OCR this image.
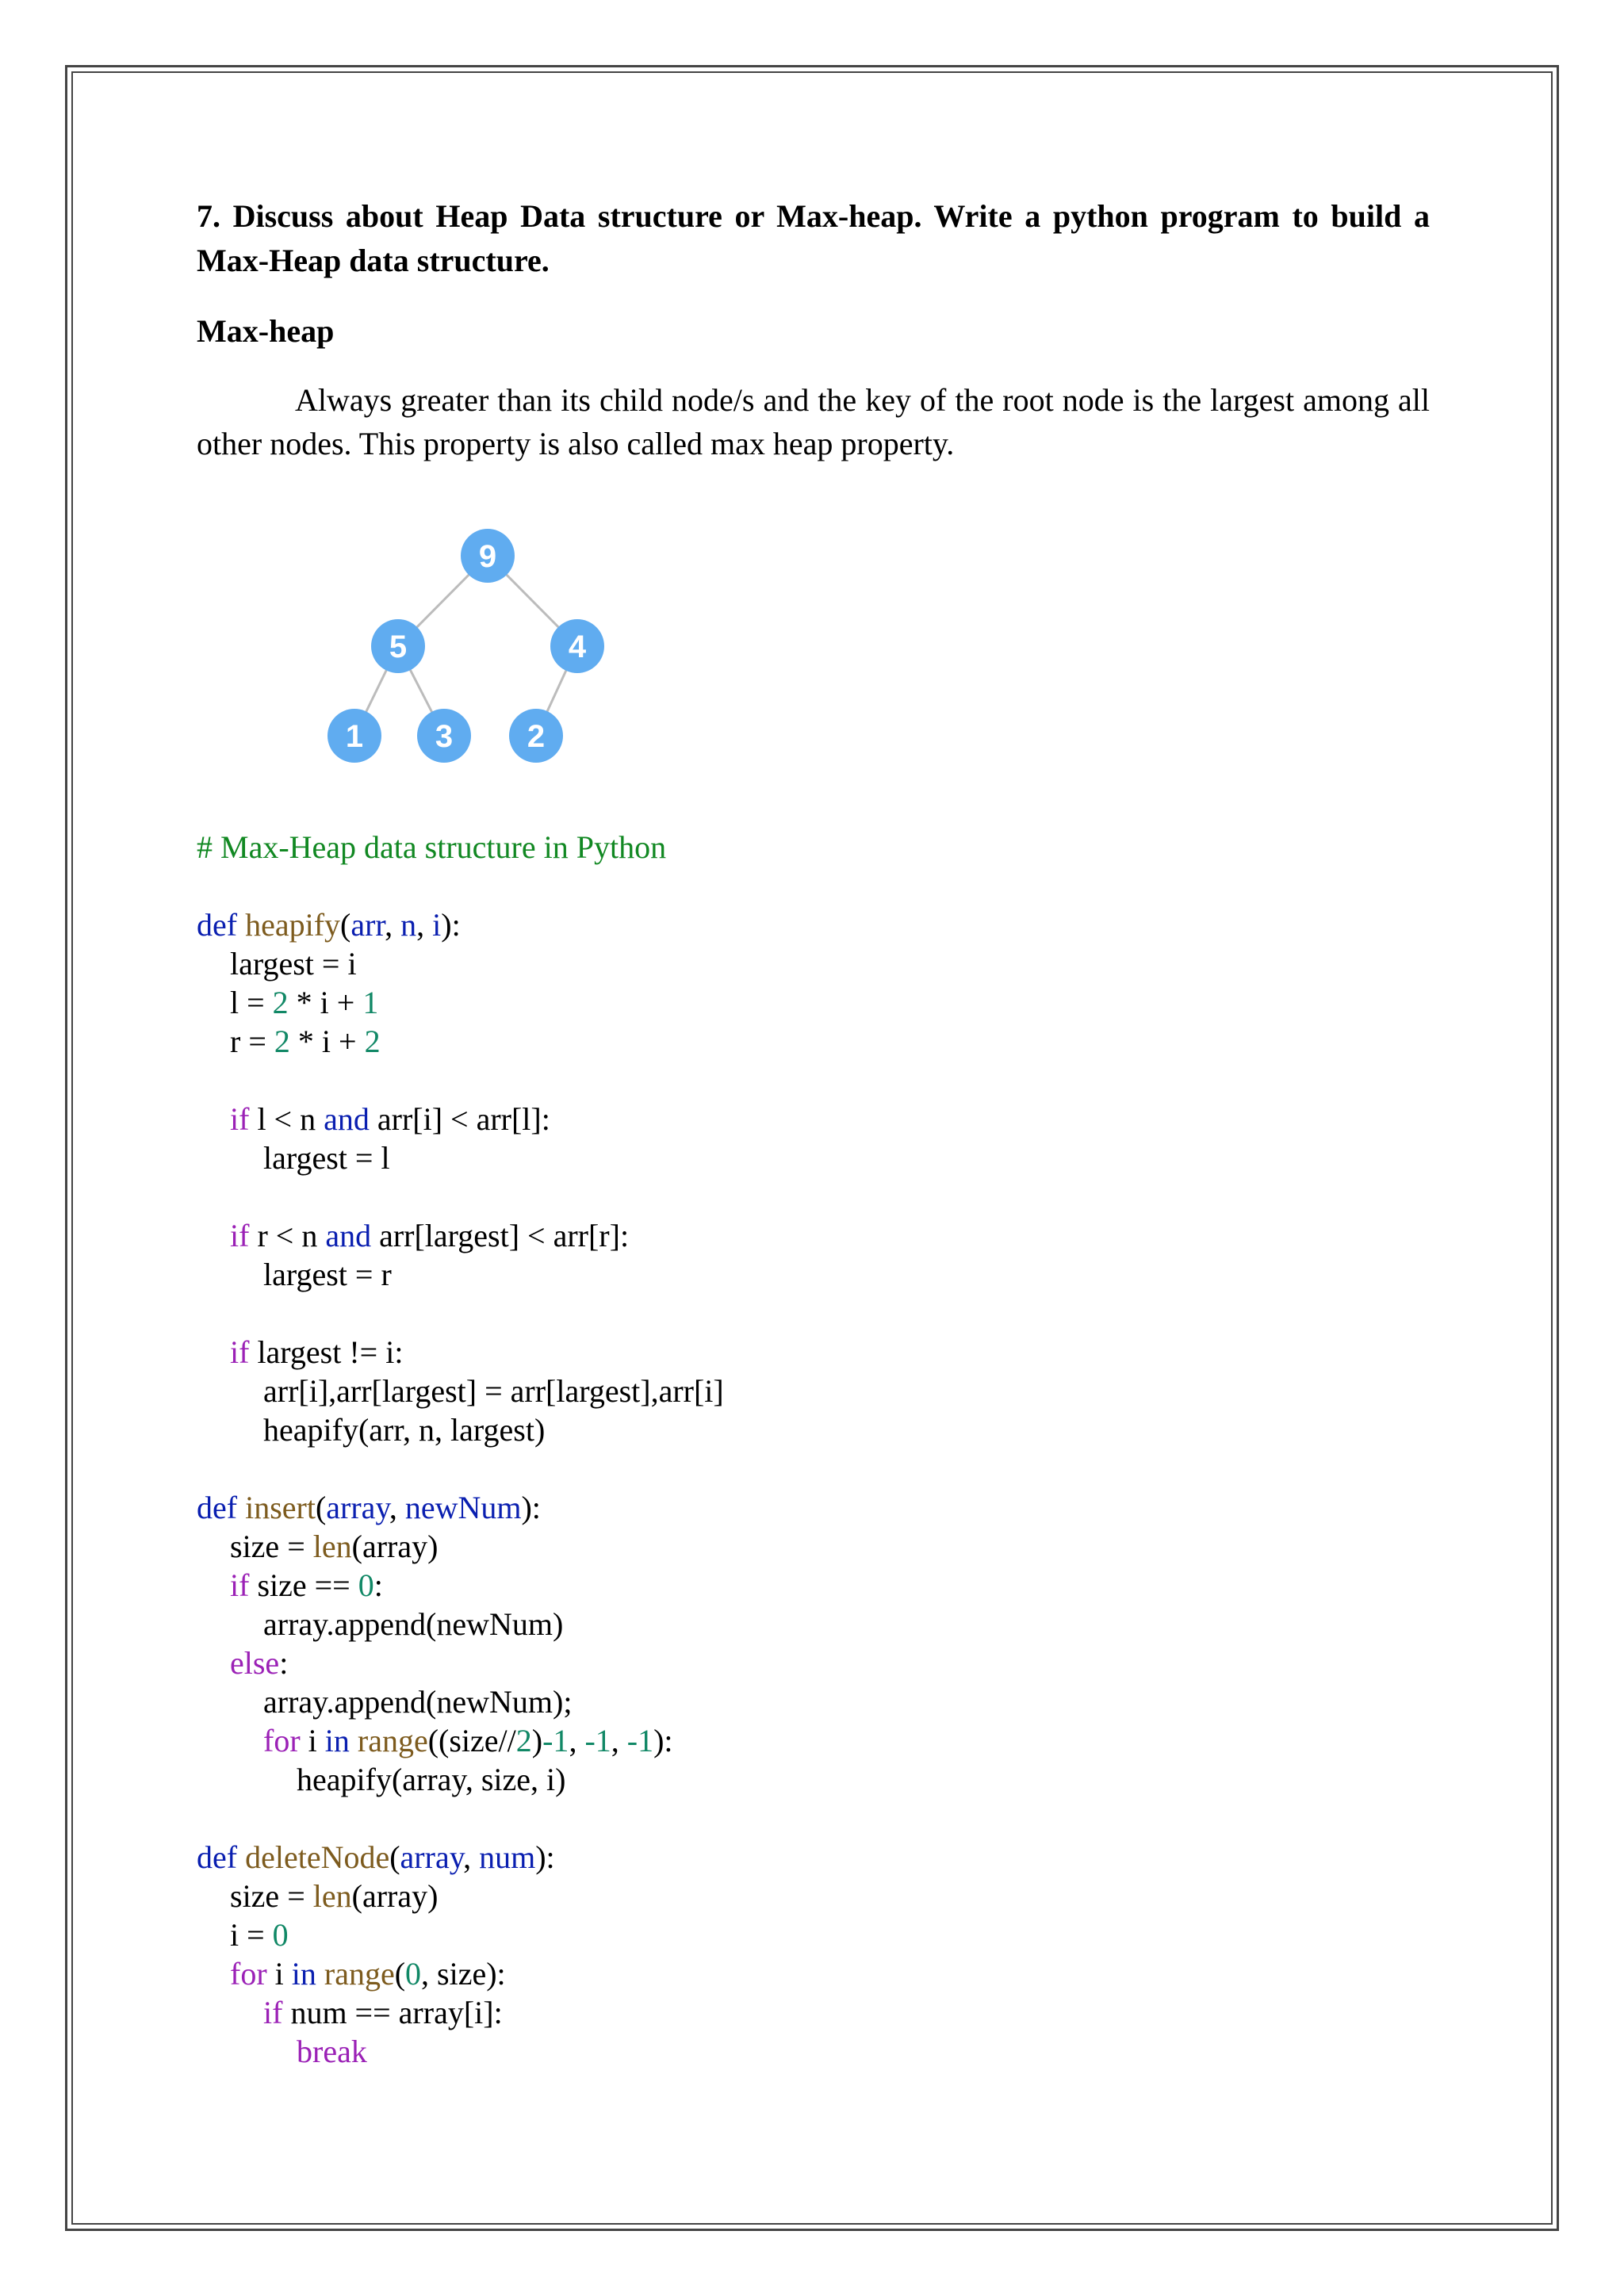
7. Discuss about Heap Data structure or Max-heap. Write a python program to build a Max-Heap data structure.
Max-heap
Always greater than its child node/s and the key of the root node is the largest among all other nodes. This property is also called max heap property.
9
5	4
1 3 2
# Max-Heap data structure in Python
def heapify(arr, n, i):
largest = i
l = 2 * i + 1
r = 2 * i + 2
if l < n and arr[i] < arr[l]:
largest = l
if r < n and arr[largest] < arr[r]:
largest = r
if largest != i:
arr[i],arr[largest] = arr[largest],arr[i]
heapify(arr, n, largest)
def insert(array, newNum):
size = len(array)
if size == 0:
array.append(newNum)
else:
array.append(newNum);
for i in range((size//2)-1, -1, -1):
heapify(array, size, i)
def deleteNode(array, num):
size = len(array)
i = 0
for i in range(0, size):
if num == array[i]:
break
